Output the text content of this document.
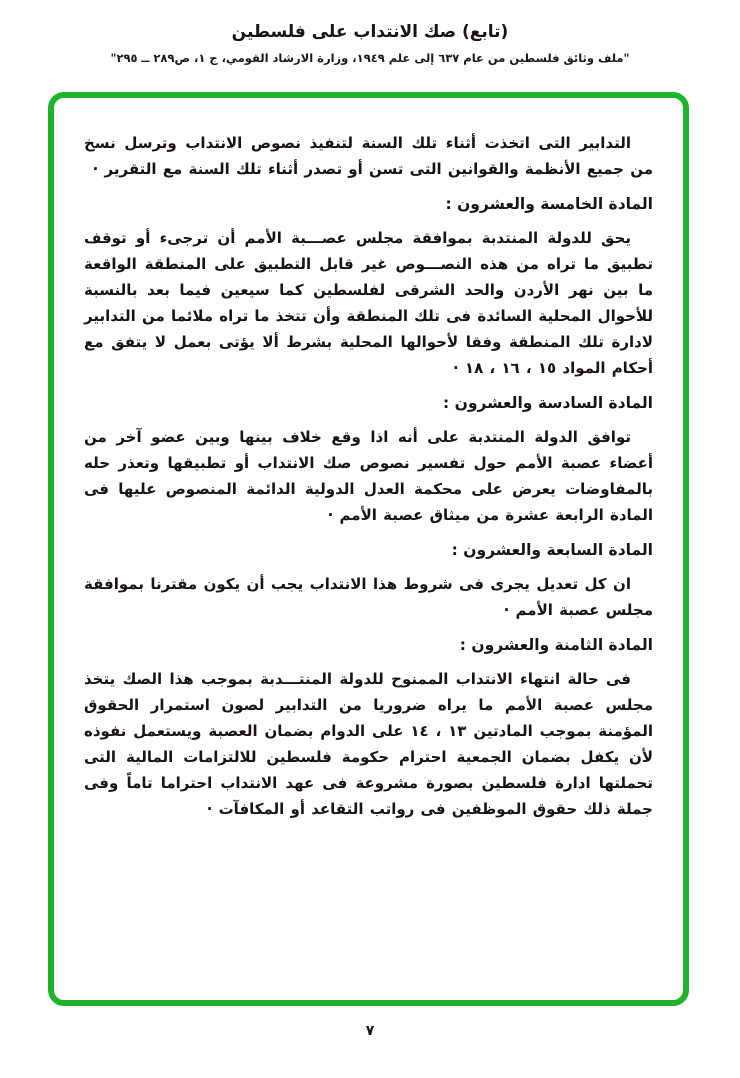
(تابع) صك الانتداب على فلسطين
"ملف وثائق فلسطين من عام ٦٣٧ إلى علم ١٩٤٩، وزارة الارشاد القومي، ج ١، ص٢٨٩ ــ ٢٩٥"

التدابير التى اتخذت أثناء تلك السنة لتنفيذ نصوص الانتداب وترسل نسخ من جميع الأنظمة والقوانين التى تسن أو تصدر أثناء تلك السنة مع التقرير ·

المادة الخامسة والعشرون :

يحق للدولة المنتدبة بموافقة مجلس عصـــبة الأمم أن ترجىء أو توقف تطبيق ما تراه من هذه النصـــوص غير قابل التطبيق على المنطقة الواقعة ما بين نهر الأردن والحد الشرقى لفلسطين كما سيعين فيما بعد بالنسبة للأحوال المحلية السائدة فى تلك المنطقة وأن تتخذ ما تراه ملائما من التدابير لادارة تلك المنطقة وفقا لأحوالها المحلية بشرط ألا يؤتى بعمل لا يتفق مع أحكام المواد ١٥ ، ١٦ ، ١٨ ·

المادة السادسة والعشرون :

توافق الدولة المنتدبة على أنه اذا وقع خلاف بينها وبين عضو آخر من أعضاء عصبة الأمم حول تفسير نصوص صك الانتداب أو تطبيقها وتعذر حله بالمفاوضات يعرض على محكمة العدل الدولية الدائمة المنصوص عليها فى المادة الرابعة عشرة من ميثاق عصبة الأمم ·

المادة السابعة والعشرون :

ان كل تعديل يجرى فى شروط هذا الانتداب يجب أن يكون مقترنا بموافقة مجلس عصبة الأمم ·

المادة الثامنة والعشرون :

فى حالة انتهاء الانتداب الممنوح للدولة المنتـــدبة بموجب هذا الصك يتخذ مجلس عصبة الأمم ما يراه ضروريا من التدابير لصون استمرار الحقوق المؤمنة بموجب المادتين ١٣ ، ١٤ على الدوام بضمان العصبة ويستعمل نفوذه لأن يكفل بضمان الجمعية احترام حكومة فلسطين للالتزامات المالية التى تحملتها ادارة فلسطين بصورة مشروعة فى عهد الانتداب احتراما تاماً وفى جملة ذلك حقوق الموظفين فى رواتب التقاعد أو المكافآت ·

٧
